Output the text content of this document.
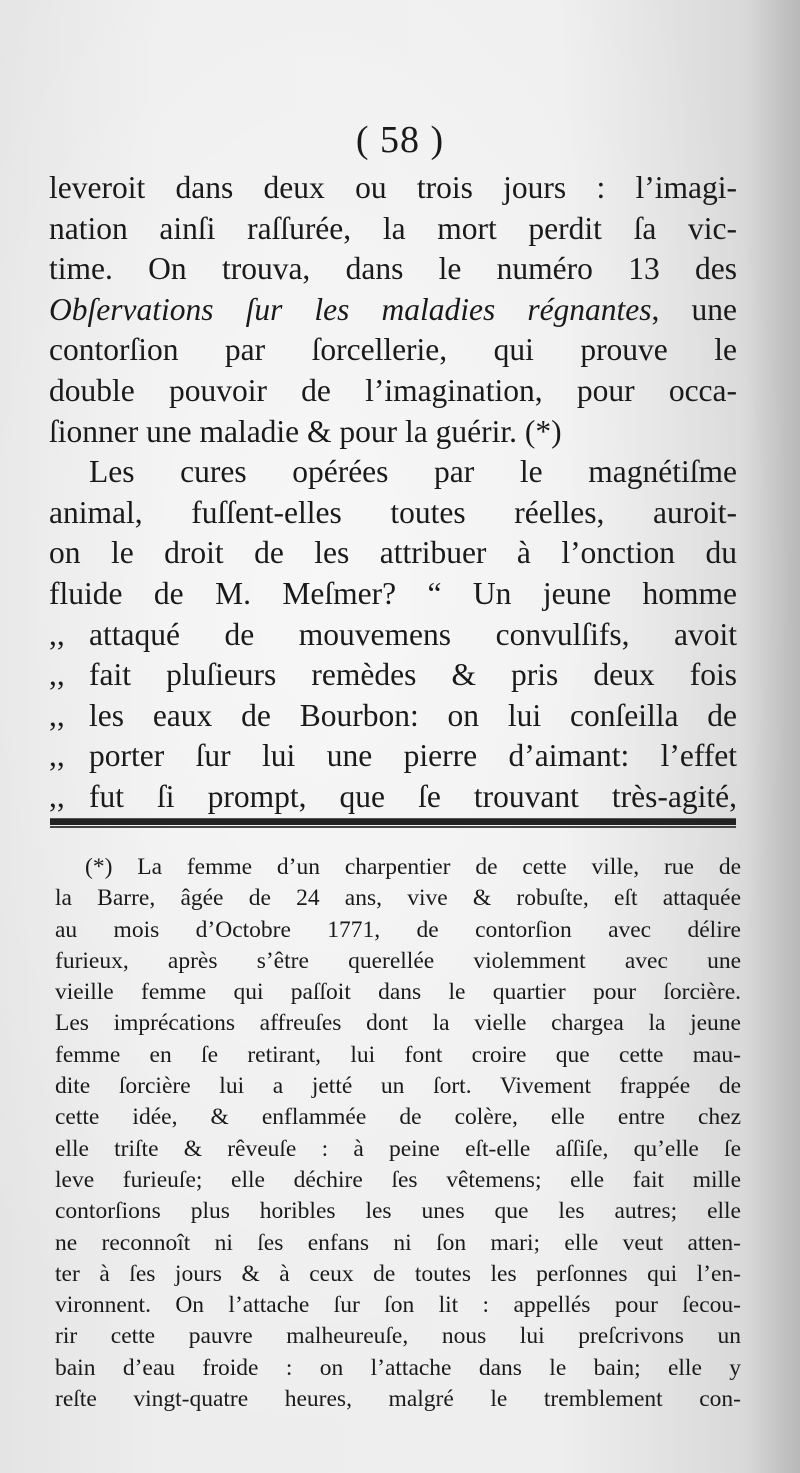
( 58 )
leveroit dans deux ou trois jours : l’imagi-
nation ainſi raſſurée, la mort perdit ſa vic-
time. On trouva, dans le numéro 13 des
Obſervations ſur les maladies régnantes, une
contorſion par ſorcellerie, qui prouve le
double pouvoir de l’imagination, pour occa-
ſionner une maladie & pour la guérir. (*)
Les cures opérées par le magnétiſme
animal, fuſſent-elles toutes réelles, auroit-
on le droit de les attribuer à l’onction du
fluide de M. Meſmer? “ Un jeune homme
,, attaqué de mouvemens convulſifs, avoit
,, fait pluſieurs remèdes & pris deux fois
,, les eaux de Bourbon: on lui conſeilla de
,, porter ſur lui une pierre d’aimant: l’effet
,, fut ſi prompt, que ſe trouvant très-agité,
(*) La femme d’un charpentier de cette ville, rue de
la Barre, âgée de 24 ans, vive & robuſte, eſt attaquée
au mois d’Octobre 1771, de contorſion avec délire
furieux, après s’être querellée violemment avec une
vieille femme qui paſſoit dans le quartier pour ſorcière.
Les imprécations affreuſes dont la vielle chargea la jeune
femme en ſe retirant, lui font croire que cette mau-
dite ſorcière lui a jetté un ſort. Vivement frappée de
cette idée, & enflammée de colère, elle entre chez
elle triſte & rêveuſe : à peine eſt-elle aſſiſe, qu’elle ſe
leve furieuſe; elle déchire ſes vêtemens; elle fait mille
contorſions plus horibles les unes que les autres; elle
ne reconnoît ni ſes enfans ni ſon mari; elle veut atten-
ter à ſes jours & à ceux de toutes les perſonnes qui l’en-
vironnent. On l’attache ſur ſon lit : appellés pour ſecou-
rir cette pauvre malheureuſe, nous lui preſcrivons un
bain d’eau froide : on l’attache dans le bain; elle y
reſte vingt-quatre heures, malgré le tremblement con-
